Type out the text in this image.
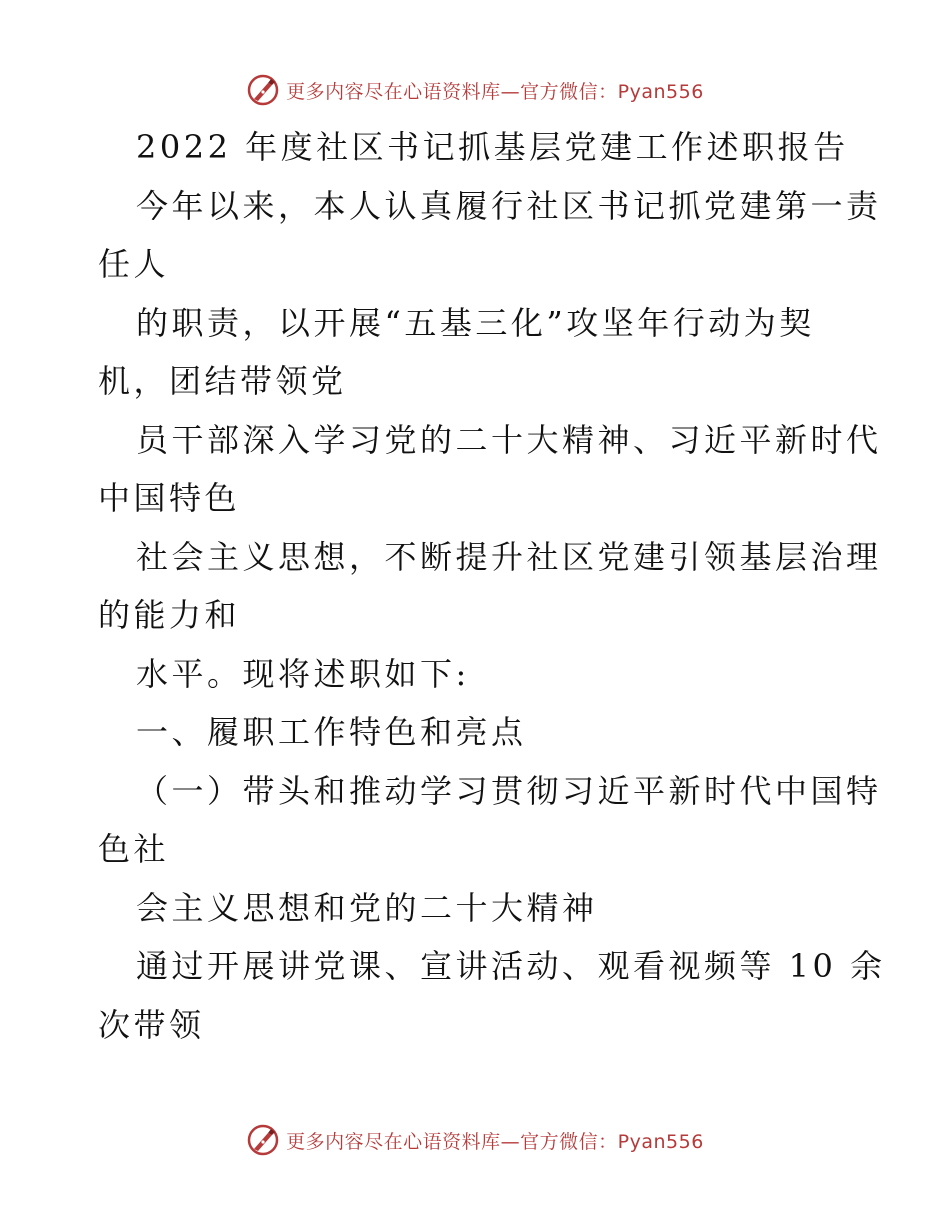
更多内容尽在心语资料库—官方微信：Pyan556
2022 年度社区书记抓基层党建工作述职报告
今年以来，本人认真履行社区书记抓党建第一责
任人
的职责，以开展“五基三化”攻坚年行动为契
机，团结带领党
员干部深入学习党的二十大精神、习近平新时代
中国特色
社会主义思想，不断提升社区党建引领基层治理
的能力和
水平。现将述职如下:
一、履职工作特色和亮点
（一）带头和推动学习贯彻习近平新时代中国特
色社
会主义思想和党的二十大精神
通过开展讲党课、宣讲活动、观看视频等 10 余
次带领
更多内容尽在心语资料库—官方微信：Pyan556
